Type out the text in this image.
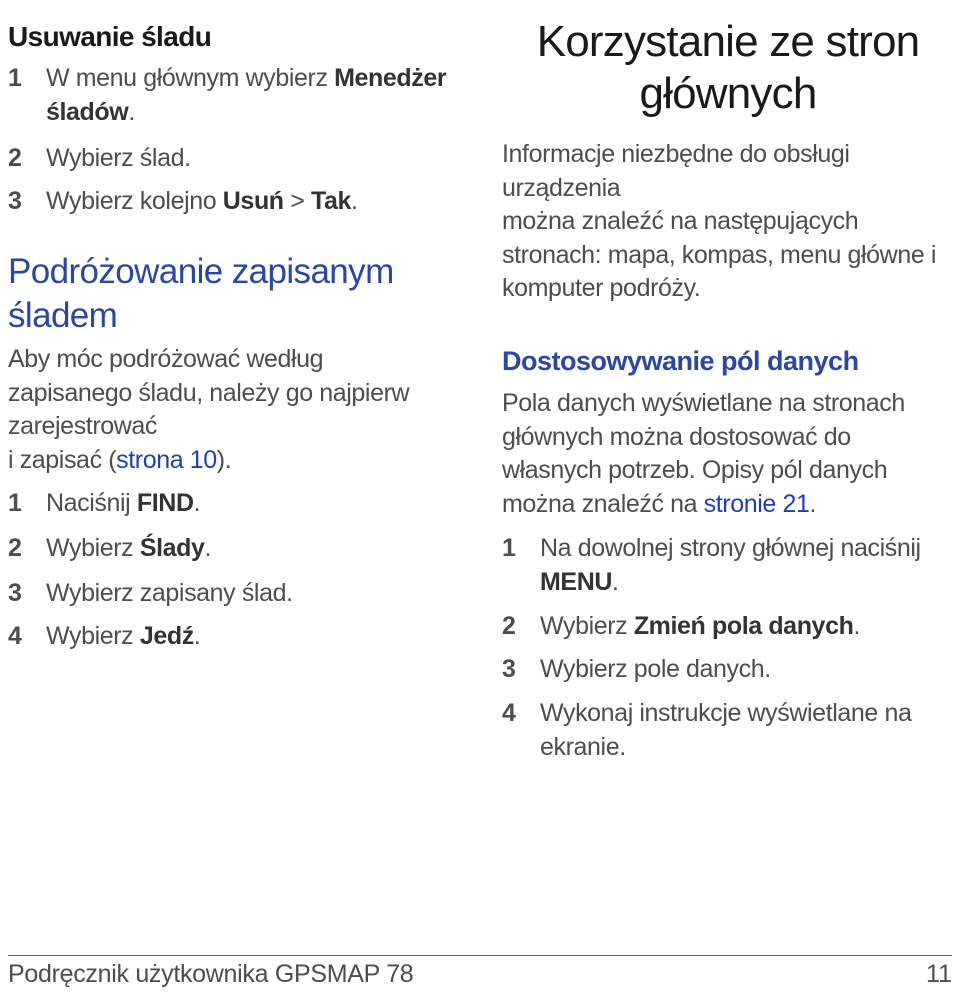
Usuwanie śladu
1 W menu głównym wybierz Menedżer śladów.
2 Wybierz ślad.
3 Wybierz kolejno Usuń > Tak.
Podróżowanie zapisanym
śladem
Aby móc podróżować według
zapisanego śladu, należy go najpierw
zarejestrować
i zapisać (strona 10).
1 Naciśnij FIND.
2 Wybierz Ślady.
3 Wybierz zapisany ślad.
4 Wybierz Jedź.
Korzystanie ze stron
głównych
Informacje niezbędne do obsługi
urządzenia
można znaleźć na następujących
stronach: mapa, kompas, menu główne i
komputer podróży.
Dostosowywanie pól danych
Pola danych wyświetlane na stronach
głównych można dostosować do
własnych potrzeb. Opisy pól danych
można znaleźć na stronie 21.
1 Na dowolnej strony głównej naciśnij MENU.
2 Wybierz Zmień pola danych.
3 Wybierz pole danych.
4 Wykonaj instrukcje wyświetlane na ekranie.
Podręcznik użytkownika GPSMAP 78	11
